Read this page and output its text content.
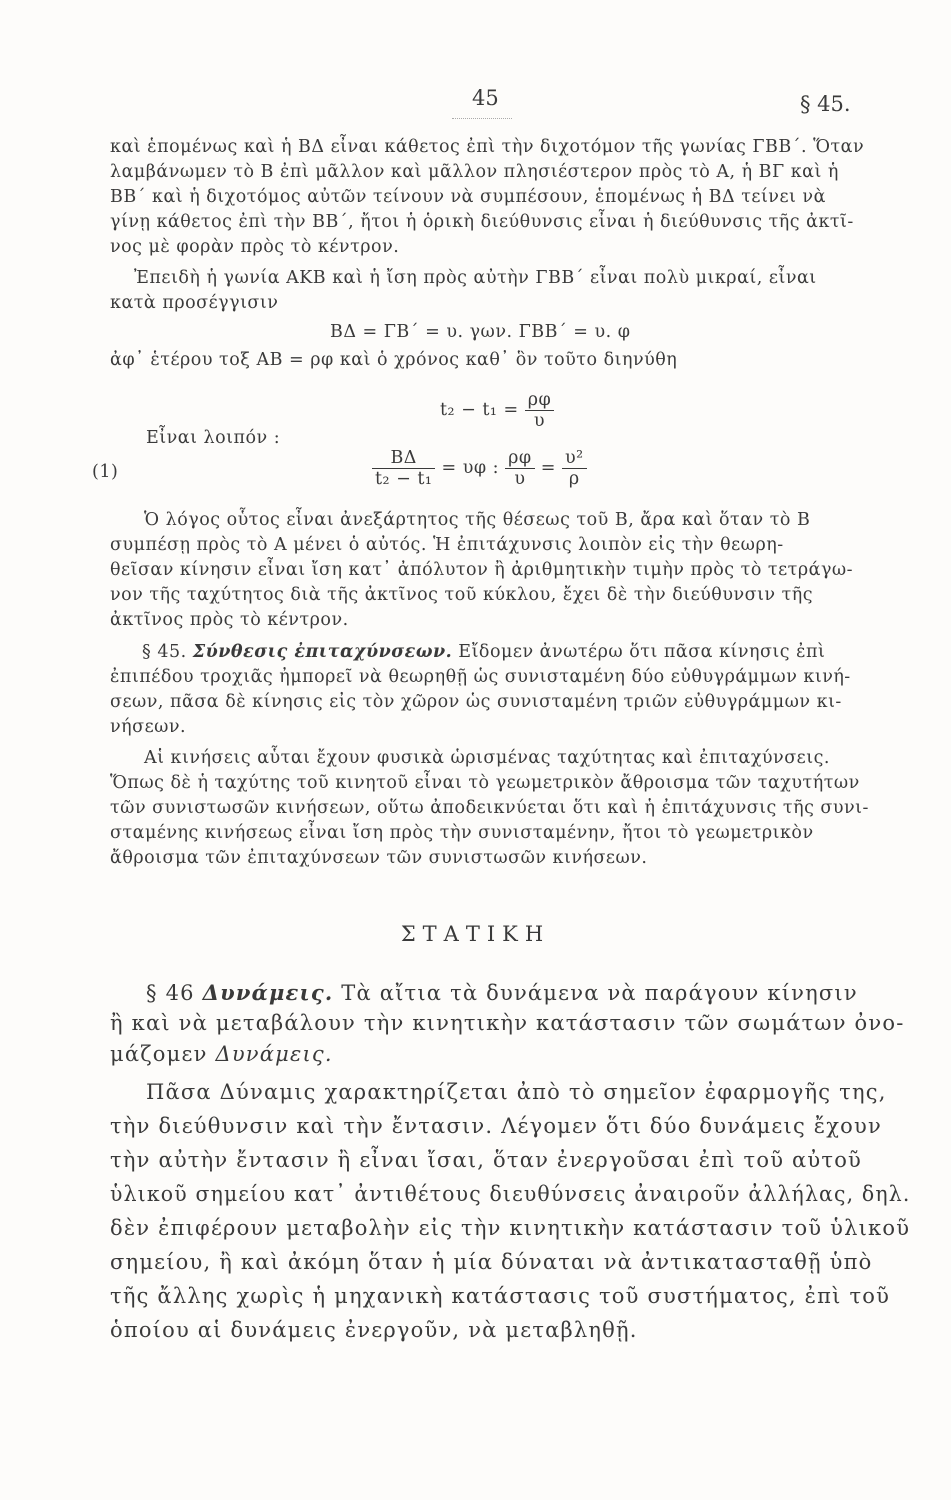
45	§ 45.
καὶ ἑπομένως καὶ ἡ ΒΔ εἶναι κάθετος ἐπὶ τὴν διχοτόμον τῆς γωνίας ΓΒΒ΄. Ὅταν
λαμβάνωμεν τὸ Β ἐπὶ μᾶλλον καὶ μᾶλλον πλησιέστερον πρὸς τὸ Α, ἡ ΒΓ καὶ ἡ
ΒΒ΄ καὶ ἡ διχοτόμος αὐτῶν τείνουν νὰ συμπέσουν, ἑπομένως ἡ ΒΔ τείνει νὰ
γίνῃ κάθετος ἐπὶ τὴν ΒΒ΄, ἤτοι ἡ ὁρικὴ διεύθυνσις εἶναι ἡ διεύθυνσις τῆς ἀκτῖ-
νος μὲ φορὰν πρὸς τὸ κέντρον.
Ἐπειδὴ ἡ γωνία ΑΚΒ καὶ ἡ ἴση πρὸς αὐτὴν ΓΒΒ΄ εἶναι πολὺ μικραί, εἶναι
κατὰ προσέγγισιν
ΒΔ = ΓΒ΄ = υ. γων. ΓΒΒ΄ = υ. φ
ἀφ᾽ ἑτέρου τοξ ΑΒ = ρφ καὶ ὁ χρόνος καθ᾽ ὃν τοῦτο διηνύθη
$t_2 - t_1 = \frac{\rho\varphi}{\upsilon}$
Εἶναι λοιπόν :
(1)	$\frac{B\Delta}{\text{t₂ − t₁}} = \upsilon\varphi$ : $\frac{\rho\varphi}{\upsilon} = \frac{\text{υ²}}{\rho}$
Ὁ λόγος οὗτος εἶναι ἀνεξάρτητος τῆς θέσεως τοῦ Β, ἄρα καὶ ὅταν τὸ Β
συμπέσῃ πρὸς τὸ Α μένει ὁ αὐτός. Ἡ ἐπιτάχυνσις λοιπὸν εἰς τὴν θεωρη-
θεῖσαν κίνησιν εἶναι ἴση κατ᾽ ἀπόλυτον ἢ ἀριθμητικὴν τιμὴν πρὸς τὸ τετράγω-
νον τῆς ταχύτητος διὰ τῆς ἀκτῖνος τοῦ κύκλου, ἔχει δὲ τὴν διεύθυνσιν τῆς
ἀκτῖνος πρὸς τὸ κέντρον.
§ 45. Σύνθεσις ἐπιταχύνσεων. Εἴδομεν ἀνωτέρω ὅτι πᾶσα κίνησις ἐπὶ
ἐπιπέδου τροχιᾶς ἠμπορεῖ νὰ θεωρηθῇ ὡς συνισταμένη δύο εὐθυγράμμων κινή-
σεων, πᾶσα δὲ κίνησις εἰς τὸν χῶρον ὡς συνισταμένη τριῶν εὐθυγράμμων κι-
νήσεων.
Αἱ κινήσεις αὗται ἔχουν φυσικὰ ὡρισμένας ταχύτητας καὶ ἐπιταχύνσεις.
Ὅπως δὲ ἡ ταχύτης τοῦ κινητοῦ εἶναι τὸ γεωμετρικὸν ἄθροισμα τῶν ταχυτήτων
τῶν συνιστωσῶν κινήσεων, οὕτω ἀποδεικνύεται ὅτι καὶ ἡ ἐπιτάχυνσις τῆς συνι-
σταμένης κινήσεως εἶναι ἴση πρὸς τὴν συνισταμένην, ἤτοι τὸ γεωμετρικὸν
ἄθροισμα τῶν ἐπιταχύνσεων τῶν συνιστωσῶν κινήσεων.
ΣΤΑΤΙΚΗ
§ 46 Δυνάμεις. Τὰ αἴτια τὰ δυνάμενα νὰ παράγουν κίνησιν
ἢ καὶ νὰ μεταβάλουν τὴν κινητικὴν κατάστασιν τῶν σωμάτων ὀνο-
μάζομεν Δυνάμεις.
Πᾶσα Δύναμις χαρακτηρίζεται ἀπὸ τὸ σημεῖον ἐφαρμογῆς της,
τὴν διεύθυνσιν καὶ τὴν ἔντασιν. Λέγομεν ὅτι δύο δυνάμεις ἔχουν
τὴν αὐτὴν ἔντασιν ἢ εἶναι ἴσαι, ὅταν ἐνεργοῦσαι ἐπὶ τοῦ αὐτοῦ
ὑλικοῦ σημείου κατ᾽ ἀντιθέτους διευθύνσεις ἀναιροῦν ἀλλήλας, δηλ.
δὲν ἐπιφέρουν μεταβολὴν εἰς τὴν κινητικὴν κατάστασιν τοῦ ὑλικοῦ
σημείου, ἢ καὶ ἀκόμη ὅταν ἡ μία δύναται νὰ ἀντικατασταθῇ ὑπὸ
τῆς ἄλλης χωρὶς ἡ μηχανικὴ κατάστασις τοῦ συστήματος, ἐπὶ τοῦ
ὁποίου αἱ δυνάμεις ἐνεργοῦν, νὰ μεταβληθῇ.
